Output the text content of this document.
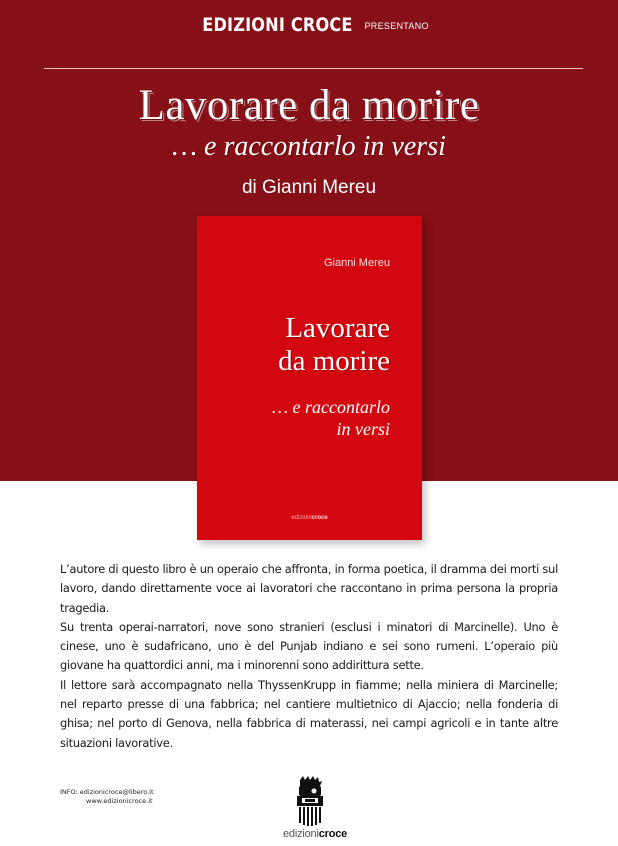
EDIZIONI CROCE PRESENTANO
Lavorare da morire
… e raccontarlo in versi
di Gianni Mereu
Gianni Mereu
Lavorare
da morire
… e raccontarlo
in versi
edizionicroce

L’autore di questo libro è un operaio che affronta, in forma poetica, il dramma dei morti sul lavoro, dando direttamente voce ai lavoratori che raccontano in prima persona la propria tragedia.

Su trenta operai-narratori, nove sono stranieri (esclusi i minatori di Marcinelle). Uno è cinese, uno è sudafricano, uno è del Punjab indiano e sei sono rumeni. L’operaio più giovane ha quattordici anni, ma i minorenni sono addirittura sette.

Il lettore sarà accompagnato nella ThyssenKrupp in fiamme; nella miniera di Marcinelle; nel reparto presse di una fabbrica; nel cantiere multietnico di Ajaccio; nella fonderia di ghisa; nel porto di Genova, nella fabbrica di materassi, nei campi agricoli e in tante altre situazioni lavorative.

INFO: edizionicroce@libero.it
www.edizionicroce.it
edizionicroce
